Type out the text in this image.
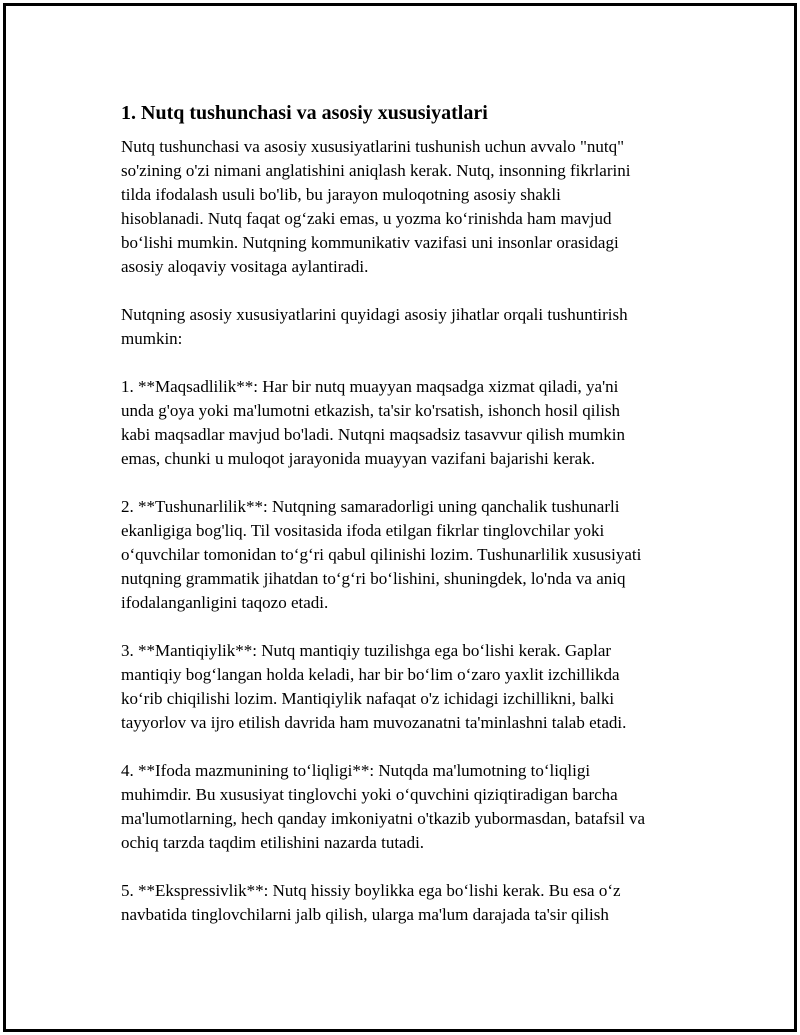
1. Nutq tushunchasi va asosiy xususiyatlari

Nutq tushunchasi va asosiy xususiyatlarini tushunish uchun avvalo "nutq"
so'zining o'zi nimani anglatishini aniqlash kerak. Nutq, insonning fikrlarini
tilda ifodalash usuli bo'lib, bu jarayon muloqotning asosiy shakli
hisoblanadi. Nutq faqat og‘zaki emas, u yozma ko‘rinishda ham mavjud
bo‘lishi mumkin. Nutqning kommunikativ vazifasi uni insonlar orasidagi
asosiy aloqaviy vositaga aylantiradi.

Nutqning asosiy xususiyatlarini quyidagi asosiy jihatlar orqali tushuntirish
mumkin:

1. **Maqsadlilik**: Har bir nutq muayyan maqsadga xizmat qiladi, ya'ni
unda g'oya yoki ma'lumotni etkazish, ta'sir ko'rsatish, ishonch hosil qilish
kabi maqsadlar mavjud bo'ladi. Nutqni maqsadsiz tasavvur qilish mumkin
emas, chunki u muloqot jarayonida muayyan vazifani bajarishi kerak.

2. **Tushunarlilik**: Nutqning samaradorligi uning qanchalik tushunarli
ekanligiga bog'liq. Til vositasida ifoda etilgan fikrlar tinglovchilar yoki
o‘quvchilar tomonidan to‘g‘ri qabul qilinishi lozim. Tushunarlilik xususiyati
nutqning grammatik jihatdan to‘g‘ri bo‘lishini, shuningdek, lo'nda va aniq
ifodalanganligini taqozo etadi.

3. **Mantiqiylik**: Nutq mantiqiy tuzilishga ega bo‘lishi kerak. Gaplar
mantiqiy bog‘langan holda keladi, har bir bo‘lim o‘zaro yaxlit izchillikda
ko‘rib chiqilishi lozim. Mantiqiylik nafaqat o'z ichidagi izchillikni, balki
tayyorlov va ijro etilish davrida ham muvozanatni ta'minlashni talab etadi.

4. **Ifoda mazmunining to‘liqligi**: Nutqda ma'lumotning to‘liqligi
muhimdir. Bu xususiyat tinglovchi yoki o‘quvchini qiziqtiradigan barcha
ma'lumotlarning, hech qanday imkoniyatni o'tkazib yubormasdan, batafsil va
ochiq tarzda taqdim etilishini nazarda tutadi.

5. **Ekspressivlik**: Nutq hissiy boylikka ega bo‘lishi kerak. Bu esa o‘z
navbatida tinglovchilarni jalb qilish, ularga ma'lum darajada ta'sir qilish
